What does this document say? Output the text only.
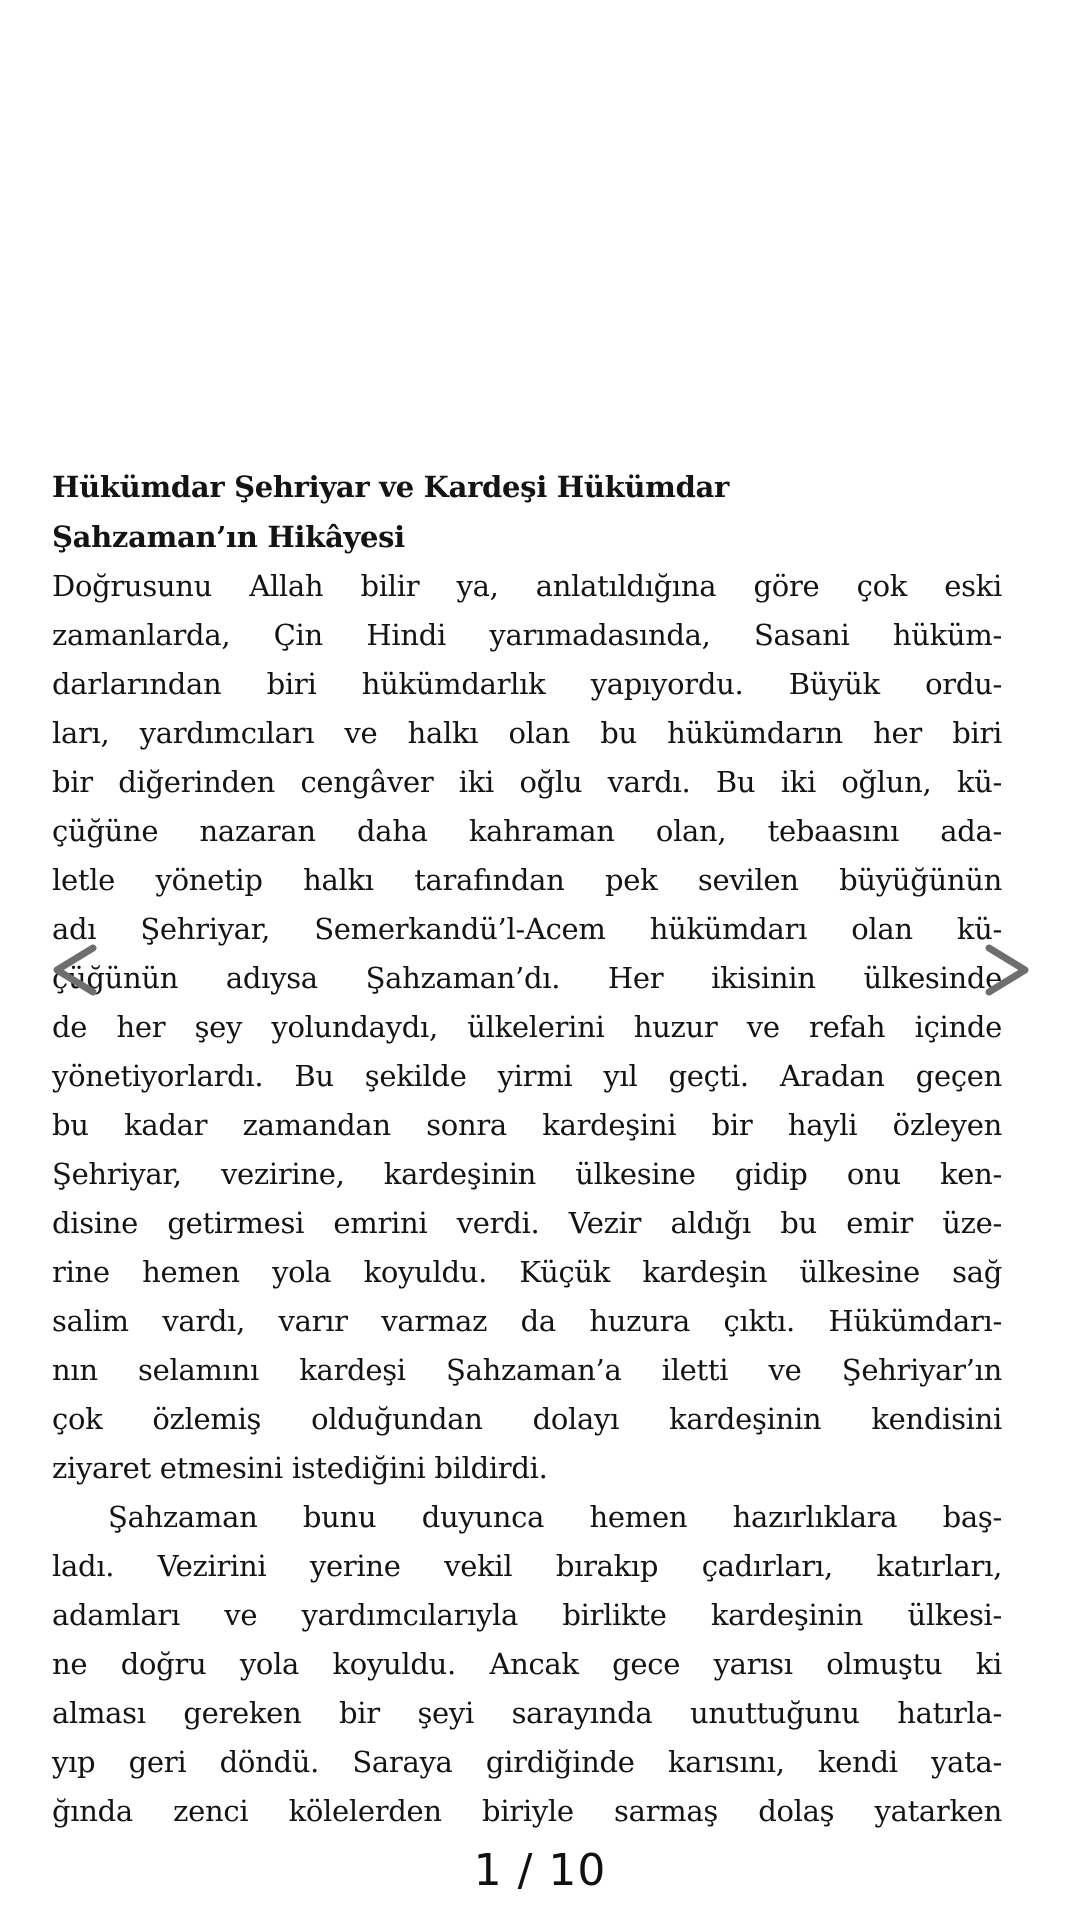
Hükümdar Şehriyar ve Kardeşi Hükümdar
Şahzaman’ın Hikâyesi
Doğrusunu Allah bilir ya, anlatıldığına göre çok eski
zamanlarda, Çin Hindi yarımadasında, Sasani hüküm-
darlarından biri hükümdarlık yapıyordu. Büyük ordu-
ları, yardımcıları ve halkı olan bu hükümdarın her biri
bir diğerinden cengâver iki oğlu vardı. Bu iki oğlun, kü-
çüğüne nazaran daha kahraman olan, tebaasını ada-
letle yönetip halkı tarafından pek sevilen büyüğünün
adı Şehriyar, Semerkandü’l-Acem hükümdarı olan kü-
çüğünün adıysa Şahzaman’dı. Her ikisinin ülkesinde
de her şey yolundaydı, ülkelerini huzur ve refah içinde
yönetiyorlardı. Bu şekilde yirmi yıl geçti. Aradan geçen
bu kadar zamandan sonra kardeşini bir hayli özleyen
Şehriyar, vezirine, kardeşinin ülkesine gidip onu ken-
disine getirmesi emrini verdi. Vezir aldığı bu emir üze-
rine hemen yola koyuldu. Küçük kardeşin ülkesine sağ
salim vardı, varır varmaz da huzura çıktı. Hükümdarı-
nın selamını kardeşi Şahzaman’a iletti ve Şehriyar’ın
çok özlemiş olduğundan dolayı kardeşinin kendisini
ziyaret etmesini istediğini bildirdi.
Şahzaman bunu duyunca hemen hazırlıklara baş-
ladı. Vezirini yerine vekil bırakıp çadırları, katırları,
adamları ve yardımcılarıyla birlikte kardeşinin ülkesi-
ne doğru yola koyuldu. Ancak gece yarısı olmuştu ki
alması gereken bir şeyi sarayında unuttuğunu hatırla-
yıp geri döndü. Saraya girdiğinde karısını, kendi yata-
ğında zenci kölelerden biriyle sarmaş dolaş yatarken
1 / 10
